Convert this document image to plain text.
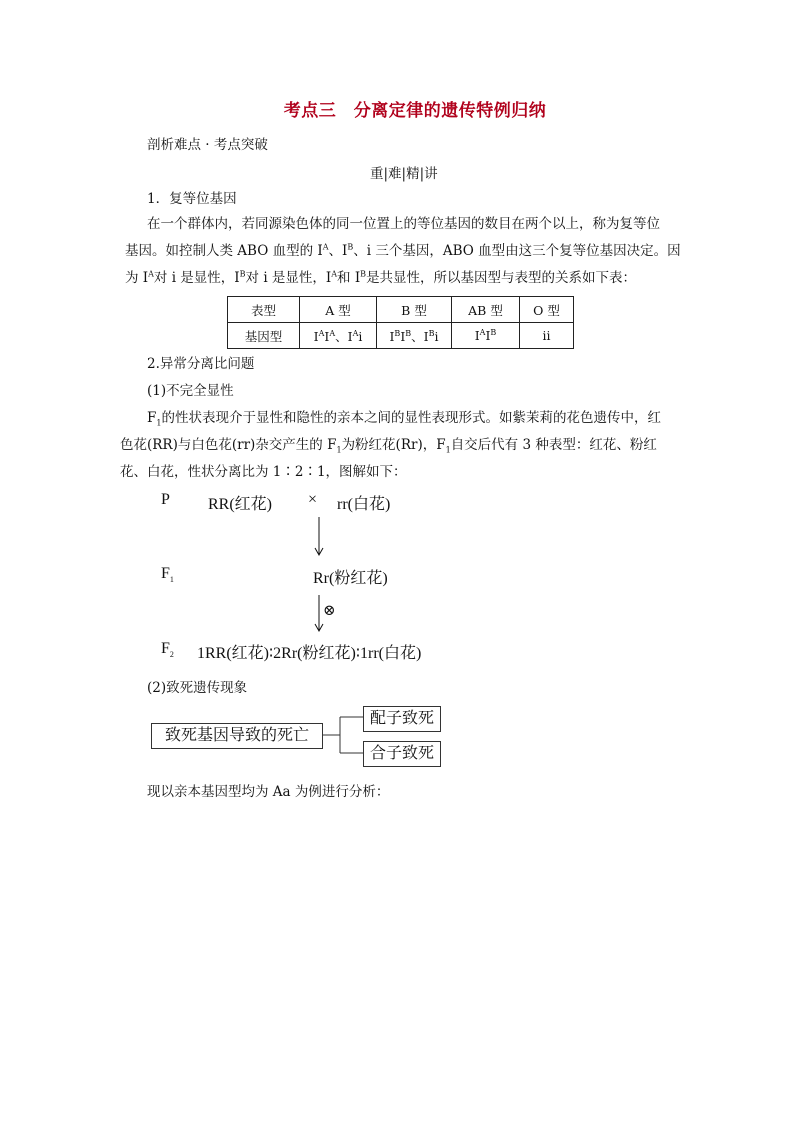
考点三　分离定律的遗传特例归纳
剖析难点 · 考点突破
重|难|精|讲
1．复等位基因
在一个群体内，若同源染色体的同一位置上的等位基因的数目在两个以上，称为复等位
基因。如控制人类 ABO 血型的 $I^A$、$I^B$、i 三个基因，ABO 血型由这三个复等位基因决定。因
为 $I^A$对 i 是显性，$I^B$对 i 是显性，$I^A$和 $I^B$是共显性，所以基因型与表型的关系如下表：
表型	A 型	B 型	AB 型	O 型
基因型	$I^AI^A$、$I^Ai$	$I^BI^B$、$I^Bi$	$I^AI^B$	ii
2.异常分离比问题
(1)不完全显性
$F_1$的性状表现介于显性和隐性的亲本之间的显性表现形式。如紫茉莉的花色遗传中，红
色花(RR)与白色花(rr)杂交产生的 $F_1$为粉红花(Rr)，$F_1$自交后代有 3 种表型：红花、粉红
花、白花，性状分离比为 1∶2∶1，图解如下：
P RR(红花) × rr(白花)
$F_1$	Rr(粉红花)
⊗
$F_2$ 1RR(红花)∶2Rr(粉红花)∶1rr(白花)
(2)致死遗传现象
致死基因导致的死亡
配子致死
合子致死
现以亲本基因型均为 Aa 为例进行分析：
